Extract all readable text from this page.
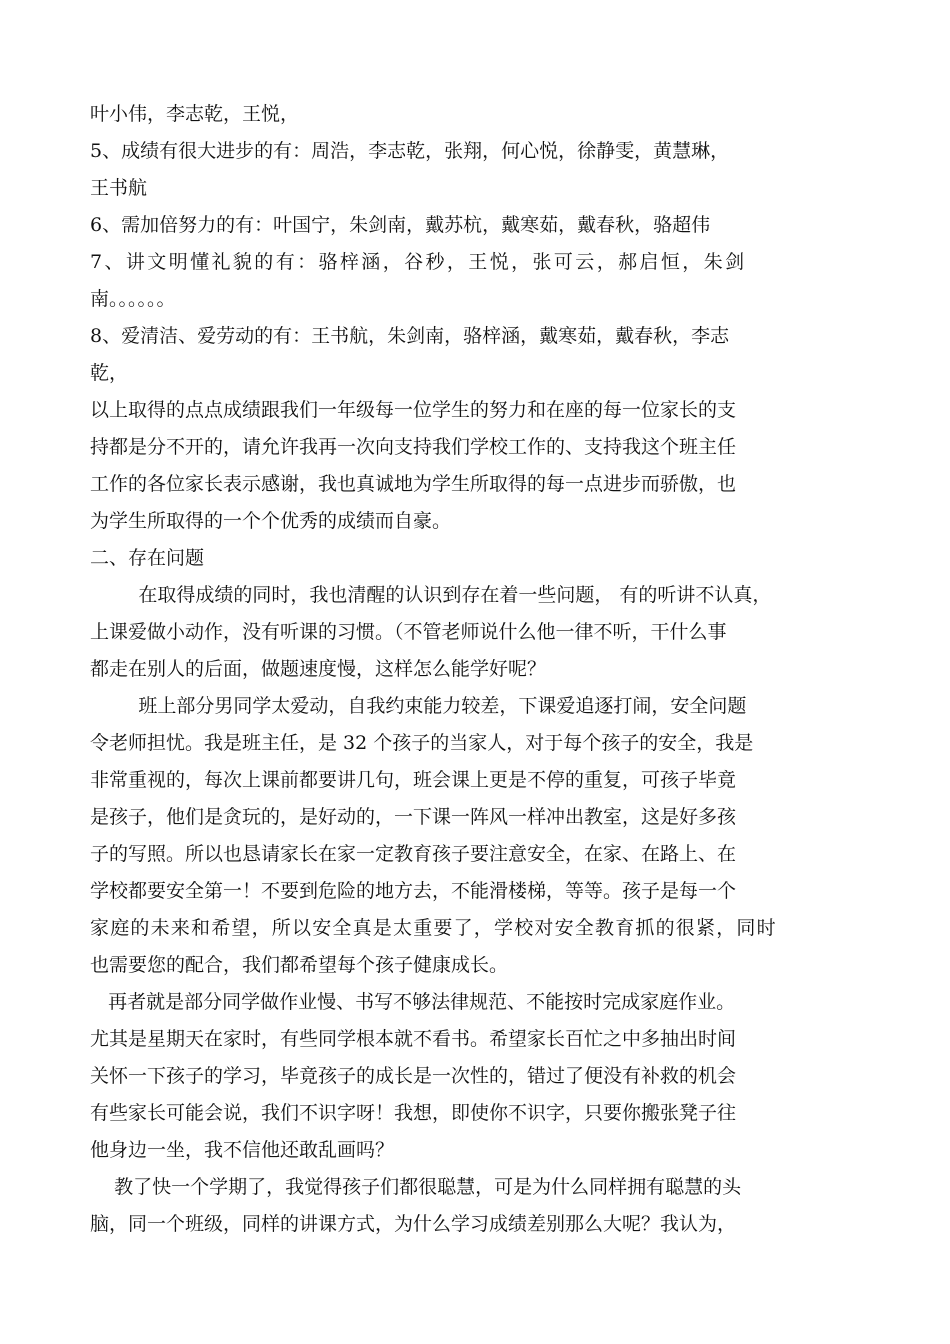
叶小伟，李志乾，王悦，
5、成绩有很大进步的有：周浩，李志乾，张翔，何心悦，徐静雯，黄慧琳，
王书航
6、需加倍努力的有：叶国宁，朱剑南，戴苏杭，戴寒茹，戴春秋，骆超伟
7、讲文明懂礼貌的有：骆梓涵，谷秒，王悦，张可云，郝启恒，朱剑
南。。。。。。
8、爱清洁、爱劳动的有：王书航，朱剑南，骆梓涵，戴寒茹，戴春秋，李志
乾，
以上取得的点点成绩跟我们一年级每一位学生的努力和在座的每一位家长的支
持都是分不开的，请允许我再一次向支持我们学校工作的、支持我这个班主任
工作的各位家长表示感谢，我也真诚地为学生所取得的每一点进步而骄傲，也
为学生所取得的一个个优秀的成绩而自豪。
二、存在问题
在取得成绩的同时，我也清醒的认识到存在着一些问题， 有的听讲不认真，
上课爱做小动作，没有听课的习惯。（不管老师说什么他一律不听，干什么事
都走在别人的后面，做题速度慢，这样怎么能学好呢？
班上部分男同学太爱动，自我约束能力较差，下课爱追逐打闹，安全问题
令老师担忧。我是班主任，是 32 个孩子的当家人，对于每个孩子的安全，我是
非常重视的，每次上课前都要讲几句，班会课上更是不停的重复，可孩子毕竟
是孩子，他们是贪玩的，是好动的，一下课一阵风一样冲出教室，这是好多孩
子的写照。所以也恳请家长在家一定教育孩子要注意安全，在家、在路上、在
学校都要安全第一！不要到危险的地方去，不能滑楼梯，等等。孩子是每一个
家庭的未来和希望，所以安全真是太重要了，学校对安全教育抓的很紧，同时
也需要您的配合，我们都希望每个孩子健康成长。
再者就是部分同学做作业慢、书写不够法律规范、不能按时完成家庭作业。
尤其是星期天在家时，有些同学根本就不看书。希望家长百忙之中多抽出时间
关怀一下孩子的学习，毕竟孩子的成长是一次性的，错过了便没有补救的机会
有些家长可能会说，我们不识字呀！我想，即使你不识字，只要你搬张凳子往
他身边一坐，我不信他还敢乱画吗？
教了快一个学期了，我觉得孩子们都很聪慧，可是为什么同样拥有聪慧的头
脑，同一个班级，同样的讲课方式，为什么学习成绩差别那么大呢？我认为，
